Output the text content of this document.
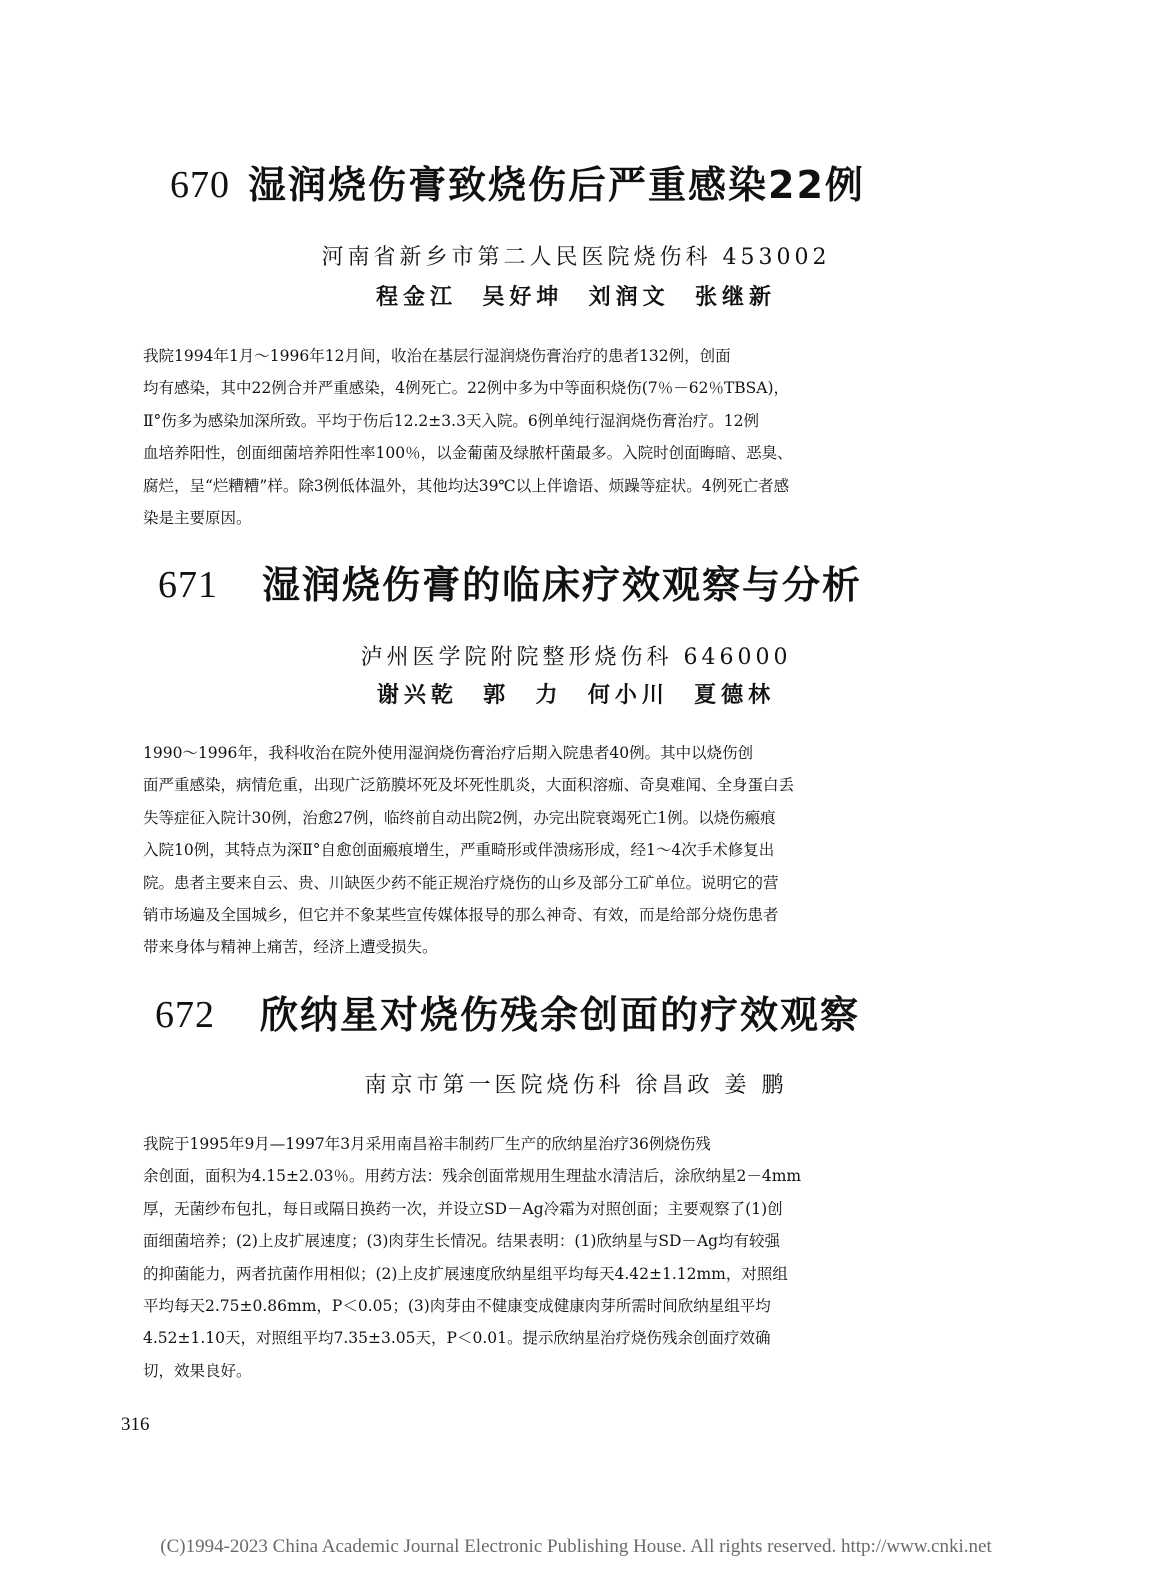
670 湿润烧伤膏致烧伤后严重感染22例
河南省新乡市第二人民医院烧伤科 453002
程金江  吴好坤  刘润文  张继新
我院1994年1月～1996年12月间，收治在基层行湿润烧伤膏治疗的患者132例，创面
均有感染，其中22例合并严重感染，4例死亡。22例中多为中等面积烧伤(7％－62％TBSA)，
Ⅱ°伤多为感染加深所致。平均于伤后12.2±3.3天入院。6例单纯行湿润烧伤膏治疗。12例
血培养阳性，创面细菌培养阳性率100％，以金葡菌及绿脓杆菌最多。入院时创面晦暗、恶臭、
腐烂，呈“烂糟糟”样。除3例低体温外，其他均达39℃以上伴谵语、烦躁等症状。4例死亡者感
染是主要原因。
671 湿润烧伤膏的临床疗效观察与分析
泸州医学院附院整形烧伤科 646000
谢兴乾  郭  力  何小川  夏德林
1990～1996年，我科收治在院外使用湿润烧伤膏治疗后期入院患者40例。其中以烧伤创
面严重感染，病情危重，出现广泛筋膜坏死及坏死性肌炎，大面积溶痂、奇臭难闻、全身蛋白丢
失等症征入院计30例，治愈27例，临终前自动出院2例，办完出院衰竭死亡1例。以烧伤瘢痕
入院10例，其特点为深Ⅱ°自愈创面瘢痕增生，严重畸形或伴溃疡形成，经1～4次手术修复出
院。患者主要来自云、贵、川缺医少药不能正规治疗烧伤的山乡及部分工矿单位。说明它的营
销市场遍及全国城乡，但它并不象某些宣传媒体报导的那么神奇、有效，而是给部分烧伤患者
带来身体与精神上痛苦，经济上遭受损失。
672 欣纳星对烧伤残余创面的疗效观察
南京市第一医院烧伤科 徐昌政 姜 鹏
我院于1995年9月—1997年3月采用南昌裕丰制药厂生产的欣纳星治疗36例烧伤残
余创面，面积为4.15±2.03％。用药方法：残余创面常规用生理盐水清洁后，涂欣纳星2－4mm
厚，无菌纱布包扎，每日或隔日换药一次，并设立SD－Ag冷霜为对照创面；主要观察了(1)创
面细菌培养；(2)上皮扩展速度；(3)肉芽生长情况。结果表明：(1)欣纳星与SD－Ag均有较强
的抑菌能力，两者抗菌作用相似；(2)上皮扩展速度欣纳星组平均每天4.42±1.12mm，对照组
平均每天2.75±0.86mm，P＜0.05；(3)肉芽由不健康变成健康肉芽所需时间欣纳星组平均
4.52±1.10天，对照组平均7.35±3.05天，P＜0.01。提示欣纳星治疗烧伤残余创面疗效确
切，效果良好。
316
(C)1994-2023 China Academic Journal Electronic Publishing House. All rights reserved. http://www.cnki.net
